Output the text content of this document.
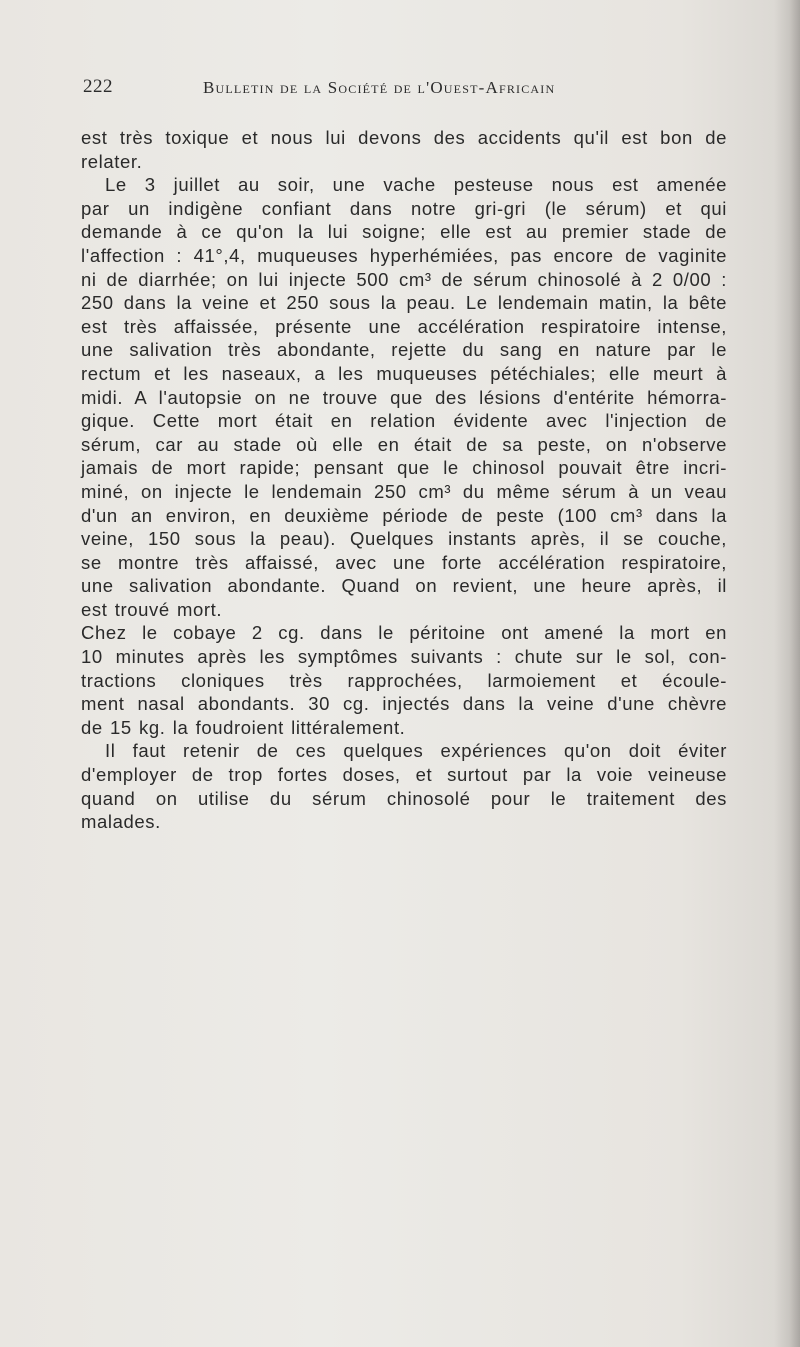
222	Bulletin de la Société de l'Ouest-Africain
est très toxique et nous lui devons des accidents qu'il est bon de
relater.
Le 3 juillet au soir, une vache pesteuse nous est amenée
par un indigène confiant dans notre gri-gri (le sérum) et qui
demande à ce qu'on la lui soigne; elle est au premier stade de
l'affection : 41°,4, muqueuses hyperhémiées, pas encore de vaginite
ni de diarrhée; on lui injecte 500 cm³ de sérum chinosolé à 2 0/00 :
250 dans la veine et 250 sous la peau. Le lendemain matin, la bête
est très affaissée, présente une accélération respiratoire intense,
une salivation très abondante, rejette du sang en nature par le
rectum et les naseaux, a les muqueuses pétéchiales; elle meurt à
midi. A l'autopsie on ne trouve que des lésions d'entérite hémorra-
gique. Cette mort était en relation évidente avec l'injection de
sérum, car au stade où elle en était de sa peste, on n'observe
jamais de mort rapide; pensant que le chinosol pouvait être incri-
miné, on injecte le lendemain 250 cm³ du même sérum à un veau
d'un an environ, en deuxième période de peste (100 cm³ dans la
veine, 150 sous la peau). Quelques instants après, il se couche,
se montre très affaissé, avec une forte accélération respiratoire,
une salivation abondante. Quand on revient, une heure après, il
est trouvé mort.
Chez le cobaye 2 cg. dans le péritoine ont amené la mort en
10 minutes après les symptômes suivants : chute sur le sol, con-
tractions cloniques très rapprochées, larmoiement et écoule-
ment nasal abondants. 30 cg. injectés dans la veine d'une chèvre
de 15 kg. la foudroient littéralement.
Il faut retenir de ces quelques expériences qu'on doit éviter
d'employer de trop fortes doses, et surtout par la voie veineuse
quand on utilise du sérum chinosolé pour le traitement des
malades.
